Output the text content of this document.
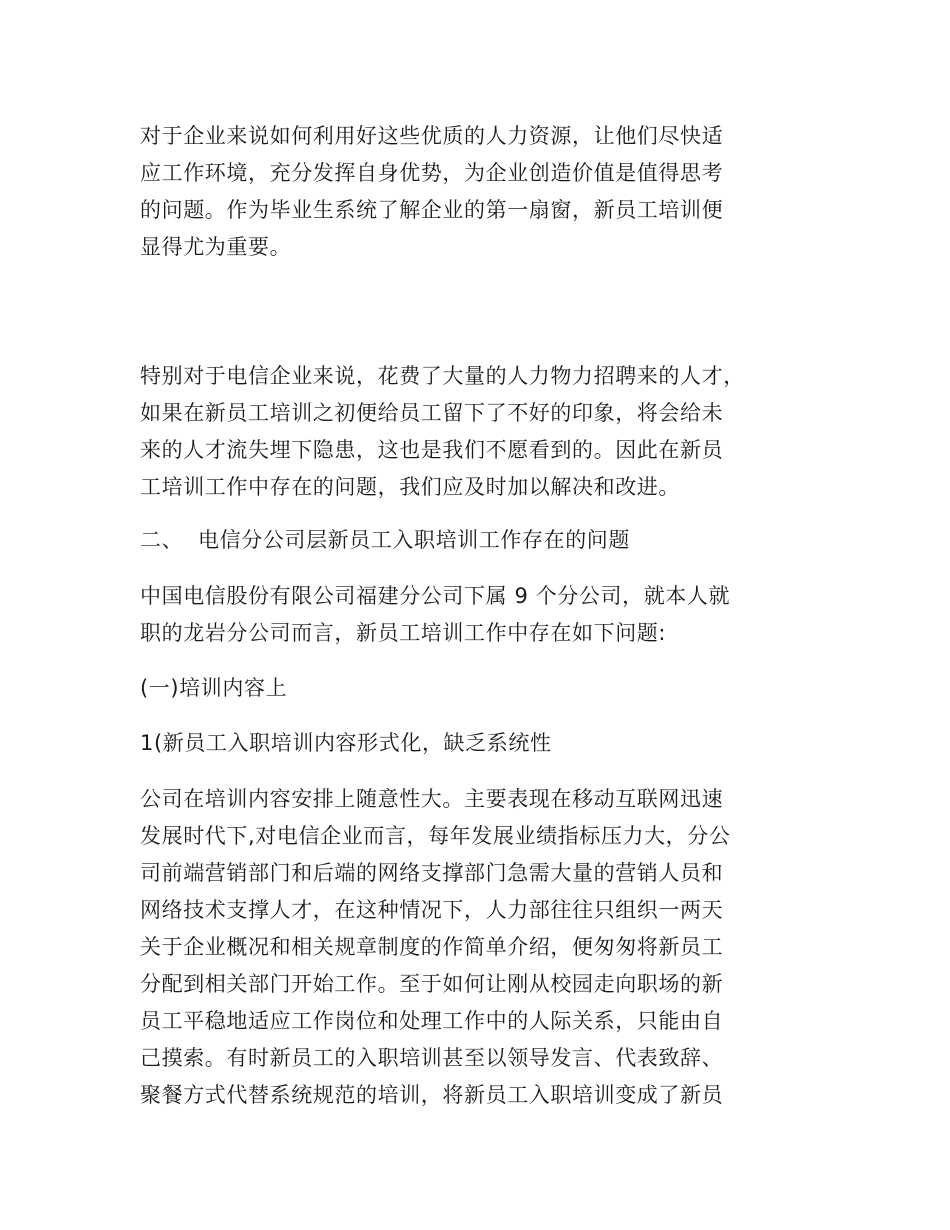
对于企业来说如何利用好这些优质的人力资源，让他们尽快适
应工作环境，充分发挥自身优势，为企业创造价值是值得思考
的问题。作为毕业生系统了解企业的第一扇窗，新员工培训便
显得尤为重要。

特别对于电信企业来说，花费了大量的人力物力招聘来的人才，
如果在新员工培训之初便给员工留下了不好的印象，将会给未
来的人才流失埋下隐患，这也是我们不愿看到的。因此在新员
工培训工作中存在的问题，我们应及时加以解决和改进。

二、 电信分公司层新员工入职培训工作存在的问题

中国电信股份有限公司福建分公司下属 9 个分公司，就本人就
职的龙岩分公司而言，新员工培训工作中存在如下问题:

(一)培训内容上

1(新员工入职培训内容形式化，缺乏系统性

公司在培训内容安排上随意性大。主要表现在移动互联网迅速
发展时代下,对电信企业而言，每年发展业绩指标压力大，分公
司前端营销部门和后端的网络支撑部门急需大量的营销人员和
网络技术支撑人才，在这种情况下，人力部往往只组织一两天
关于企业概况和相关规章制度的作简单介绍，便匆匆将新员工
分配到相关部门开始工作。至于如何让刚从校园走向职场的新
员工平稳地适应工作岗位和处理工作中的人际关系，只能由自
己摸索。有时新员工的入职培训甚至以领导发言、代表致辞、
聚餐方式代替系统规范的培训，将新员工入职培训变成了新员
